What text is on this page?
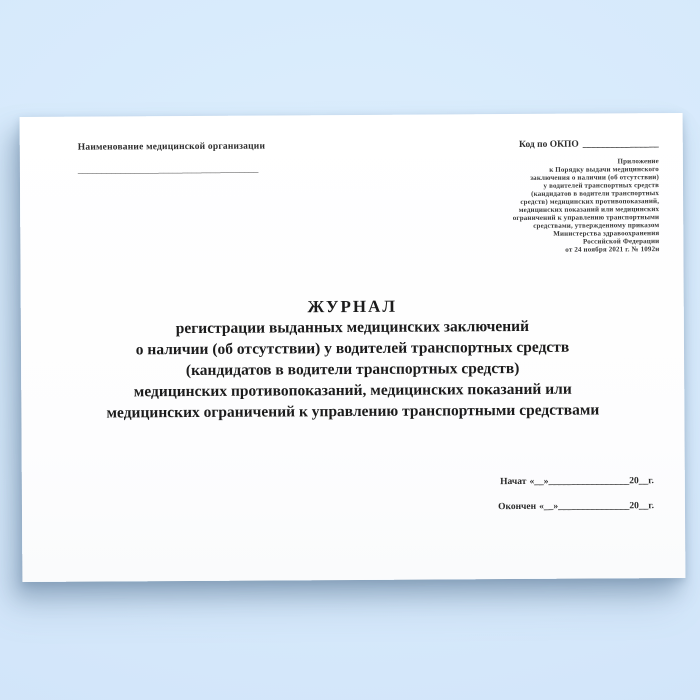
Наименование медицинской организации
______________________________________
Код по ОКПО ________________
Приложение
к Порядку выдачи медицинского
заключения о наличии (об отсутствии)
у водителей транспортных средств
(кандидатов в водители транспортных
средств) медицинских противопоказаний,
медицинских показаний или медицинских
ограничений к управлению транспортными
средствами, утвержденному приказом
Министерства здравоохранения
Российской Федерации
от 24 ноября 2021 г. № 1092н
ЖУРНАЛ
регистрации выданных медицинских заключений
о наличии (об отсутствии) у водителей транспортных средств
(кандидатов в водители транспортных средств)
медицинских противопоказаний, медицинских показаний или
медицинских ограничений к управлению транспортными средствами
Начат «__»_________________20__г.
Окончен «__»_______________20__г.
